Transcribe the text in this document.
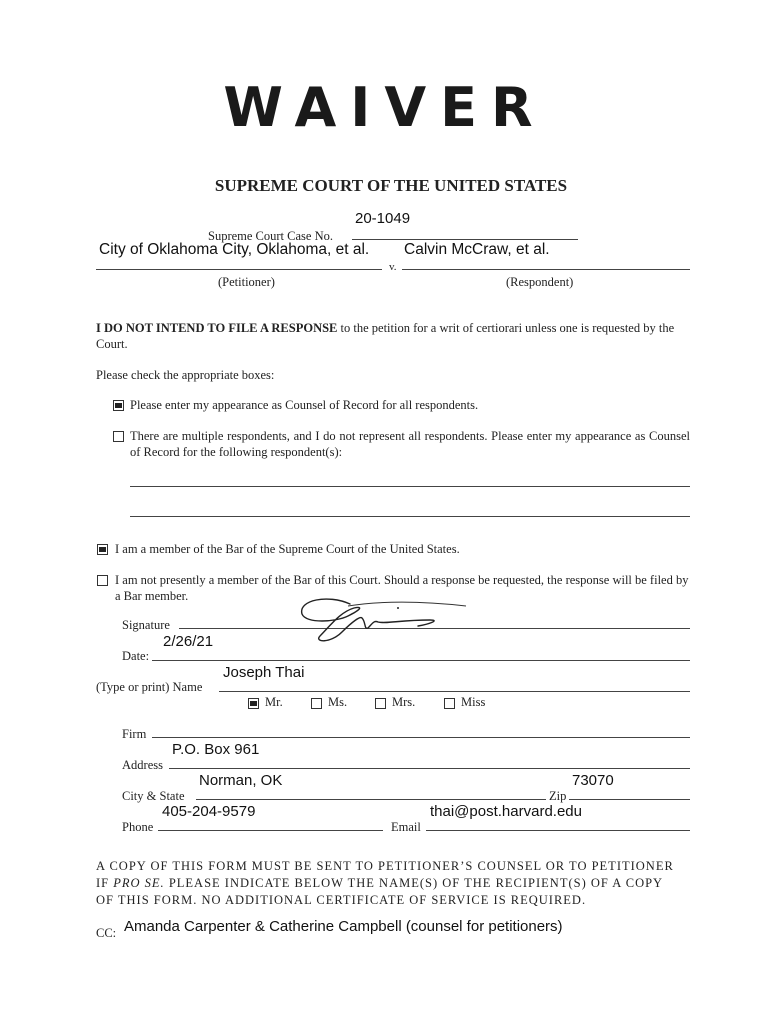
WAIVER
SUPREME COURT OF THE UNITED STATES
20-1049
Supreme Court Case No.
City of Oklahoma City, Oklahoma, et al. Calvin McCraw, et al.
v.
(Petitioner)	(Respondent)
I DO NOT INTEND TO FILE A RESPONSE to the petition for a writ of certiorari unless one is requested by the Court.
Please check the appropriate boxes:
Please enter my appearance as Counsel of Record for all respondents.
There are multiple respondents, and I do not represent all respondents. Please enter my appearance as Counsel of Record for the following respondent(s):
I am a member of the Bar of the Supreme Court of the United States.
I am not presently a member of the Bar of this Court. Should a response be requested, the response will be filed by a Bar member.
Signature
2/26/21
Date:
Joseph Thai
(Type or print) Name
Mr.	Ms.	Mrs.	Miss
Firm
P.O. Box 961
Address
Norman, OK	73070
City & State	Zip
405-204-9579	thai@post.harvard.edu
Phone	Email
A COPY OF THIS FORM MUST BE SENT TO PETITIONER’S COUNSEL OR TO PETITIONER
IF PRO SE. PLEASE INDICATE BELOW THE NAME(S) OF THE RECIPIENT(S) OF A COPY
OF THIS FORM. NO ADDITIONAL CERTIFICATE OF SERVICE IS REQUIRED.
CC: Amanda Carpenter & Catherine Campbell (counsel for petitioners)
